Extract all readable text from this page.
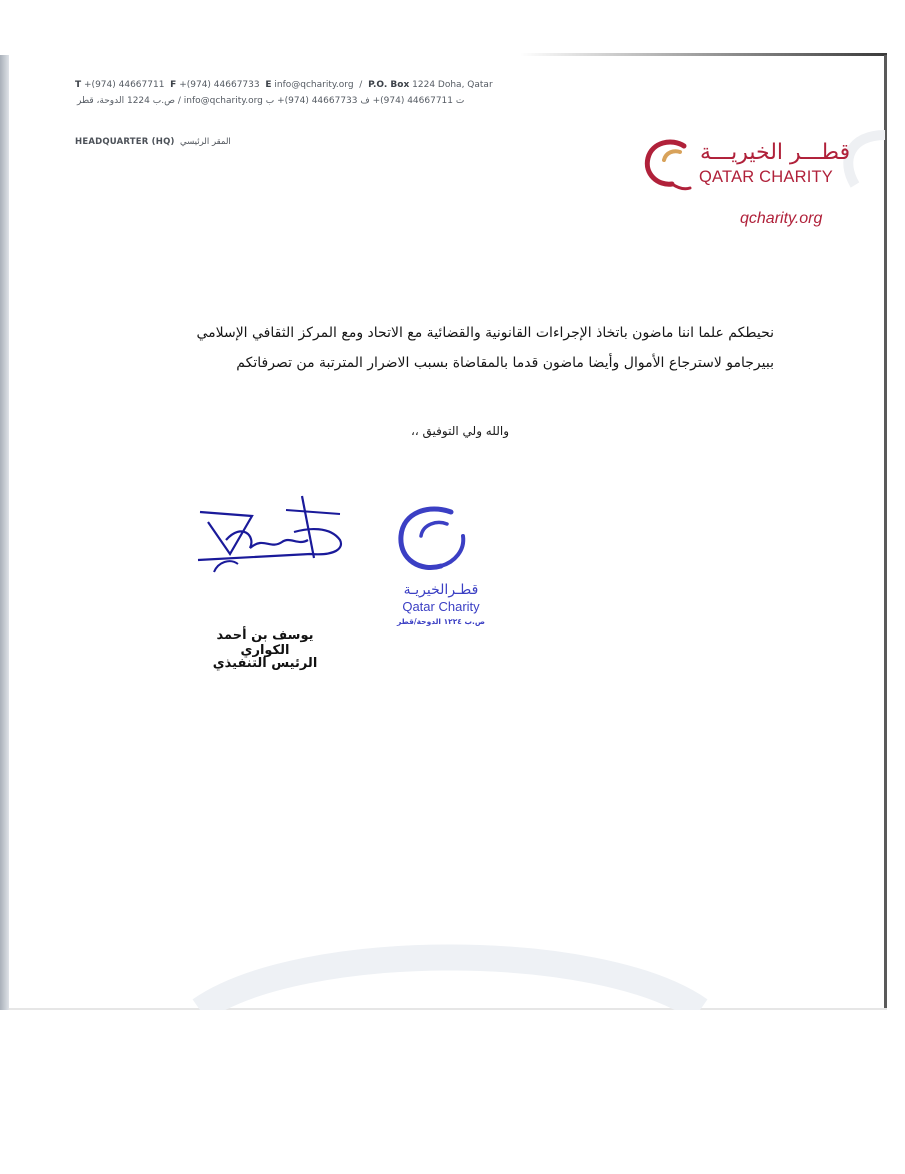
T +(974) 44667711 F +(974) 44667733 E info@qcharity.org / P.O. Box 1224 Doha, Qatar
ت 44667711 (974)+ ف 44667733 (974)+ ب info@qcharity.org / ص.ب 1224 الدوحة، قطر
HEADQUARTER (HQ) المقر الرئيسي	قطـــر الخيريـــة
QATAR CHARITY
qcharity.org
نحيطكم علما اننا ماضون باتخاذ الإجراءات القانونية والقضائية مع الاتحاد ومع المركز الثقافي الإسلامي
ببيرجامو لاسترجاع الأموال وأيضا ماضون قدما بالمقاضاة بسبب الاضرار المترتبة من تصرفاتكم
والله ولي التوفيق ،،
قطـرالخيريـة
Qatar Charity
ص.ب ١٢٢٤ الدوحة/قطر
يوسف بن أحمد الكواري
الرئيس التنفيذي
